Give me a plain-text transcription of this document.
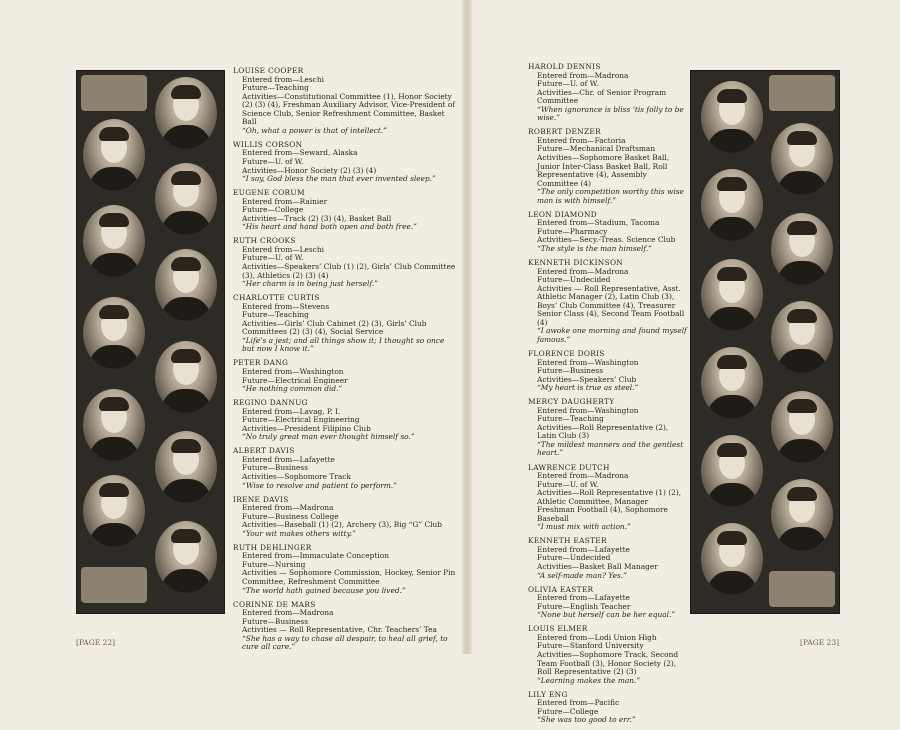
LOUISE COOPER
Entered from—Leschi
Future—Teaching
Activities—Constitutional Committee (1), Honor Society (2) (3) (4), Freshman Auxiliary Advisor, Vice-President of Science Club, Senior Refreshment Committee, Basket Ball
“Oh, what a power is that of intellect.”
WILLIS CORSON
Entered from—Seward, Alaska
Future—U. of W.
Activities—Honor Society (2) (3) (4)
“I say, God bless the man that ever invented sleep.”
EUGENE CORUM
Entered from—Rainier
Future—College
Activities—Track (2) (3) (4), Basket Ball
“His heart and hand both open and both free.”
RUTH CROOKS
Entered from—Leschi
Future—U. of W.
Activities—Speakers’ Club (1) (2), Girls’ Club Committee (3), Athletics (2) (3) (4)
“Her charm is in being just herself.”
CHARLOTTE CURTIS
Entered from—Stevens
Future—Teaching
Activities—Girls’ Club Cabinet (2) (3), Girls’ Club Committees (2) (3) (4), Social Service
“Life’s a jest; and all things show it; I thought so once but now I know it.”
PETER DANG
Entered from—Washington
Future—Electrical Engineer
“He nothing common did.”
REGINO DANNUG
Entered from—Lavag, P. I.
Future—Electrical Engineering
Activities—President Filipino Club
“No truly great man ever thought himself so.”
ALBERT DAVIS
Entered from—Lafayette
Future—Business
Activities—Sophomore Track
“Wise to resolve and patient to perform.”
IRENE DAVIS
Entered from—Madrona
Future—Business College
Activities—Baseball (1) (2), Archery (3), Big “G” Club
“Your wit makes others witty.”
RUTH DEHLINGER
Entered from—Immaculate Conception
Future—Nursing
Activities — Sophomore Commission, Hockey, Senior Pin Committee, Refreshment Committee
“The world hath gained because you lived.”
CORINNE DE MARS
Entered from—Madrona
Future—Business
Activities — Roll Representative, Chr. Teachers’ Tea
“She has a way to chase all despair, to heal all grief, to cure all care.”
HAROLD DENNIS
Entered from—Madrona
Future—U. of W.
Activities—Chr. of Senior Program Committee
“When ignorance is bliss ’tis folly to be wise.”
ROBERT DENZER
Entered from—Factoria
Future—Mechanical Draftsman
Activities—Sophomore Basket Ball, Junior Inter-Class Basket Ball, Roll Representative (4), Assembly Committee (4)
“The only competition worthy this wise man is with himself.”
LEON DIAMOND
Entered from—Stadium, Tacoma
Future—Pharmacy
Activities—Secy.-Treas. Science Club
“The style is the man himself.”
KENNETH DICKINSON
Entered from—Madrona
Future—Undecided
Activities — Roll Representative, Asst. Athletic Manager (2), Latin Club (3), Boys’ Club Committee (4), Treasurer Senior Class (4), Second Team Football (4)
“I awoke one morning and found myself famous.”
FLORENCE DORIS
Entered from—Washington
Future—Business
Activities—Speakers’ Club
“My heart is true as steel.”
MERCY DAUGHERTY
Entered from—Washington
Future—Teaching
Activities—Roll Representative (2), Latin Club (3)
“The mildest manners and the gentlest heart.”
LAWRENCE DUTCH
Entered from—Madrona
Future—U. of W.
Activities—Roll Representative (1) (2), Athletic Committee, Manager Freshman Football (4), Sophomore Baseball
“I must mix with action.”
KENNETH EASTER
Entered from—Lafayette
Future—Undecided
Activities—Basket Ball Manager
“A self-made man? Yes.”
OLIVIA EASTER
Entered from—Lafayette
Future—English Teacher
“None but herself can be her equal.”
LOUIS ELMER
Entered from—Lodi Union High
Future—Stanford University
Activities—Sophomore Track, Second Team Football (3), Honor Society (2), Roll Representative (2) (3)
“Learning makes the man.”
LILY ENG
Entered from—Pacific
Future—College
“She was too good to err.”
[PAGE 22]	[PAGE 23]
